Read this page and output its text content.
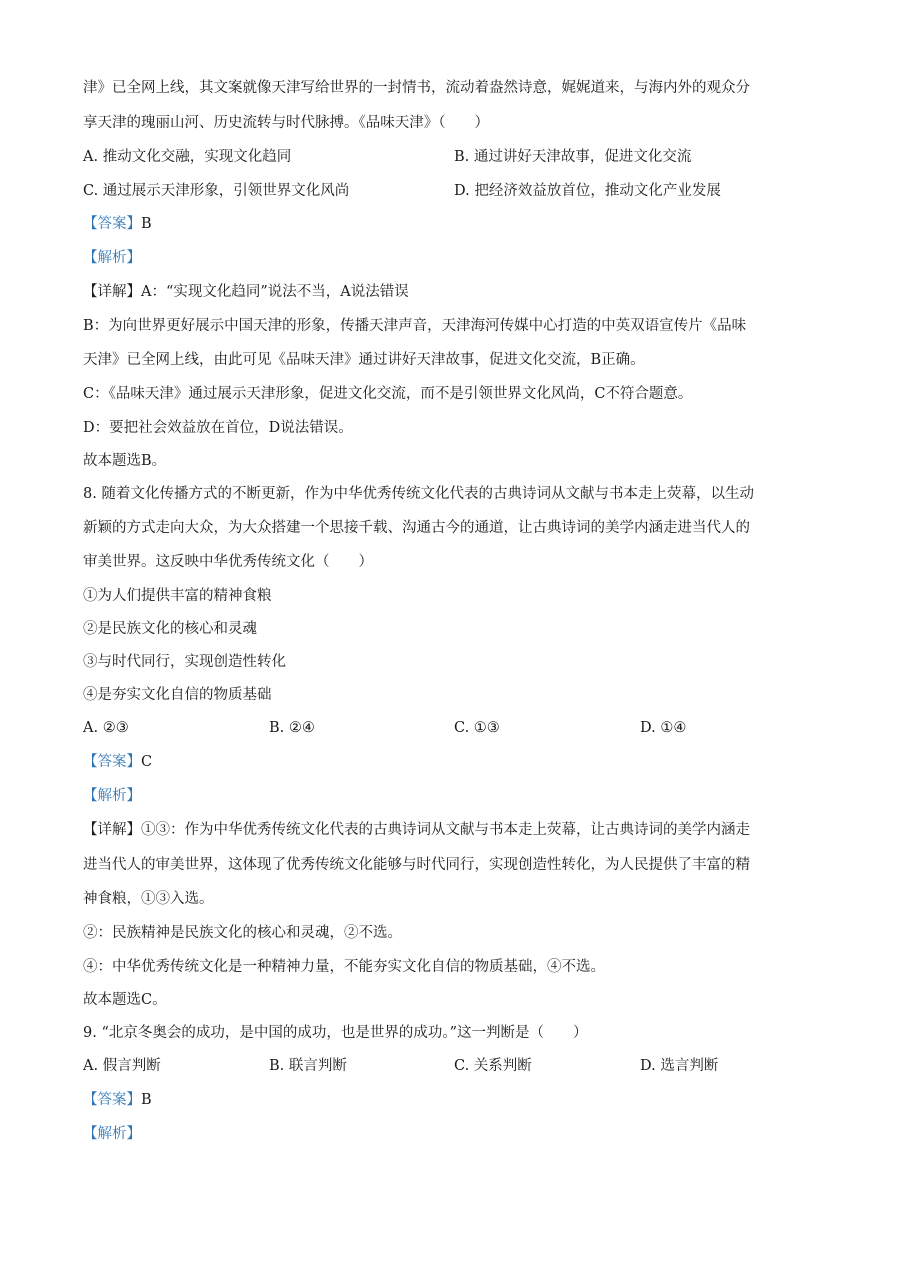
津》已全网上线，其文案就像天津写给世界的一封情书，流动着盎然诗意，娓娓道来，与海内外的观众分
享天津的瑰丽山河、历史流转与时代脉搏。《品味天津》（　　）
A. 推动文化交融，实现文化趋同	B. 通过讲好天津故事，促进文化交流
C. 通过展示天津形象，引领世界文化风尚	D. 把经济效益放首位，推动文化产业发展
【答案】B
【解析】
【详解】A：“实现文化趋同”说法不当，A说法错误
B：为向世界更好展示中国天津的形象，传播天津声音，天津海河传媒中心打造的中英双语宣传片《品味
天津》已全网上线，由此可见《品味天津》通过讲好天津故事，促进文化交流，B正确。
C：《品味天津》通过展示天津形象，促进文化交流，而不是引领世界文化风尚，C不符合题意。
D：要把社会效益放在首位，D说法错误。
故本题选B。
8. 随着文化传播方式的不断更新，作为中华优秀传统文化代表的古典诗词从文献与书本走上荧幕，以生动
新颖的方式走向大众，为大众搭建一个思接千载、沟通古今的通道，让古典诗词的美学内涵走进当代人的
审美世界。这反映中华优秀传统文化（　　）
①为人们提供丰富的精神食粮
②是民族文化的核心和灵魂
③与时代同行，实现创造性转化
④是夯实文化自信的物质基础
A. ②③	B. ②④	C. ①③	D. ①④
【答案】C
【解析】
【详解】①③：作为中华优秀传统文化代表的古典诗词从文献与书本走上荧幕，让古典诗词的美学内涵走
进当代人的审美世界，这体现了优秀传统文化能够与时代同行，实现创造性转化，为人民提供了丰富的精
神食粮，①③入选。
②：民族精神是民族文化的核心和灵魂，②不选。
④：中华优秀传统文化是一种精神力量，不能夯实文化自信的物质基础，④不选。
故本题选C。
9. “北京冬奥会的成功，是中国的成功，也是世界的成功。”这一判断是（　　）
A. 假言判断	B. 联言判断	C. 关系判断	D. 选言判断
【答案】B
【解析】
